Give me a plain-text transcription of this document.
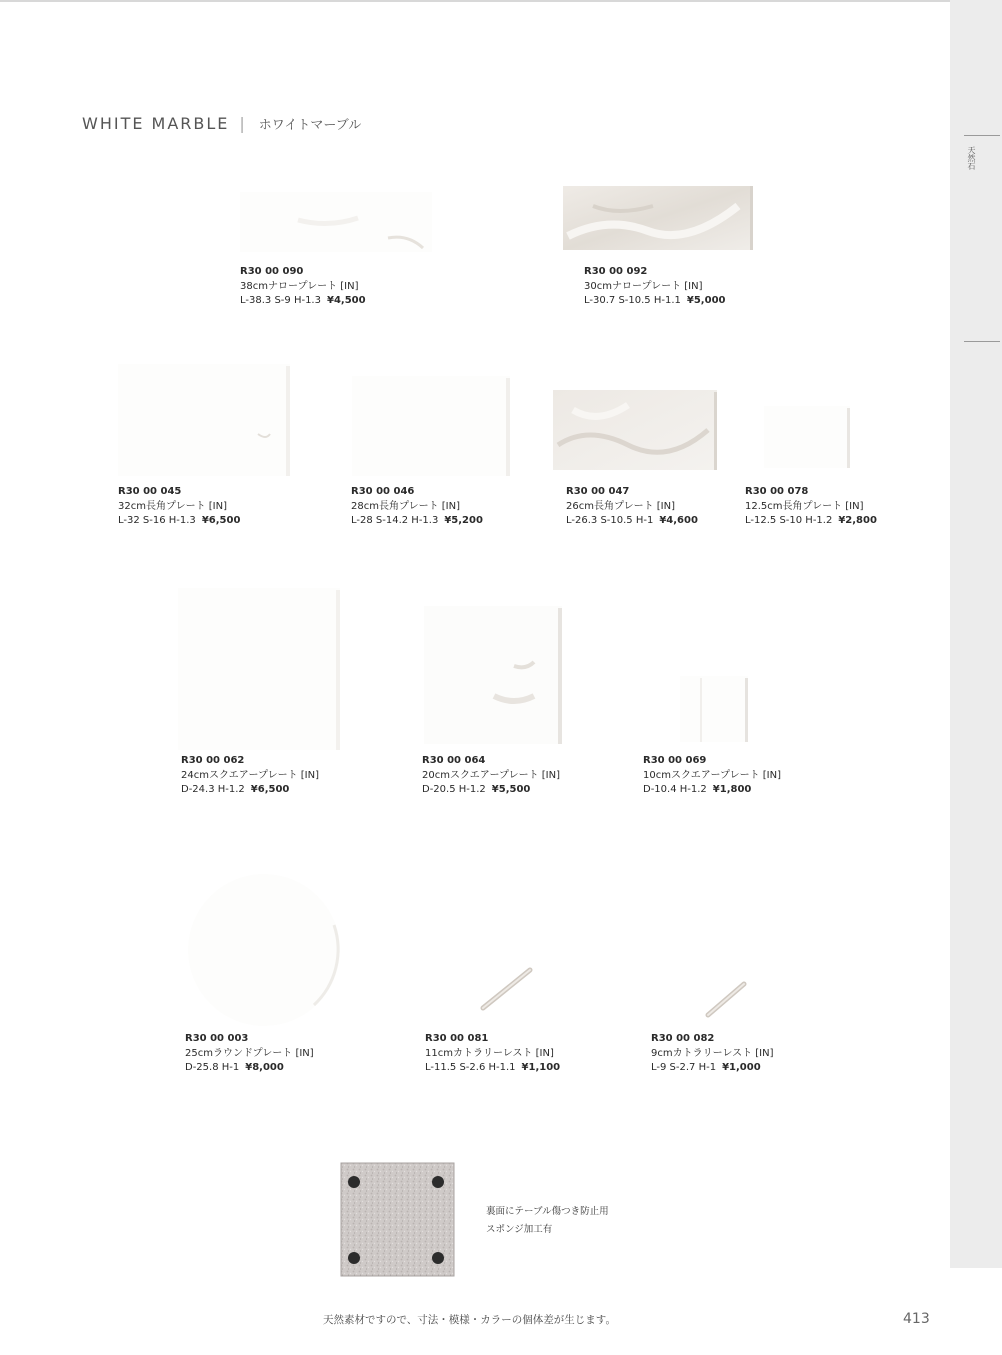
天然石
WHITE MARBLE | ホワイトマーブル
R30 00 090
38cmナロープレート [IN]
L-38.3 S-9 H-1.3 ¥4,500
R30 00 092
30cmナロープレート [IN]
L-30.7 S-10.5 H-1.1 ¥5,000
R30 00 045
32cm長角プレート [IN]
L-32 S-16 H-1.3 ¥6,500
R30 00 046
28cm長角プレート [IN]
L-28 S-14.2 H-1.3 ¥5,200
R30 00 047
26cm長角プレート [IN]
L-26.3 S-10.5 H-1 ¥4,600
R30 00 078
12.5cm長角プレート [IN]
L-12.5 S-10 H-1.2 ¥2,800
R30 00 062
24cmスクエアープレート [IN]
D-24.3 H-1.2 ¥6,500
R30 00 064
20cmスクエアープレート [IN]
D-20.5 H-1.2 ¥5,500
R30 00 069
10cmスクエアープレート [IN]
D-10.4 H-1.2 ¥1,800
R30 00 003
25cmラウンドプレート [IN]
D-25.8 H-1 ¥8,000
R30 00 081
11cmカトラリーレスト [IN]
L-11.5 S-2.6 H-1.1 ¥1,100
R30 00 082
9cmカトラリーレスト [IN]
L-9 S-2.7 H-1 ¥1,000
裏面にテーブル傷つき防止用
スポンジ加工有
天然素材ですので、寸法・模様・カラーの個体差が生じます。	413
